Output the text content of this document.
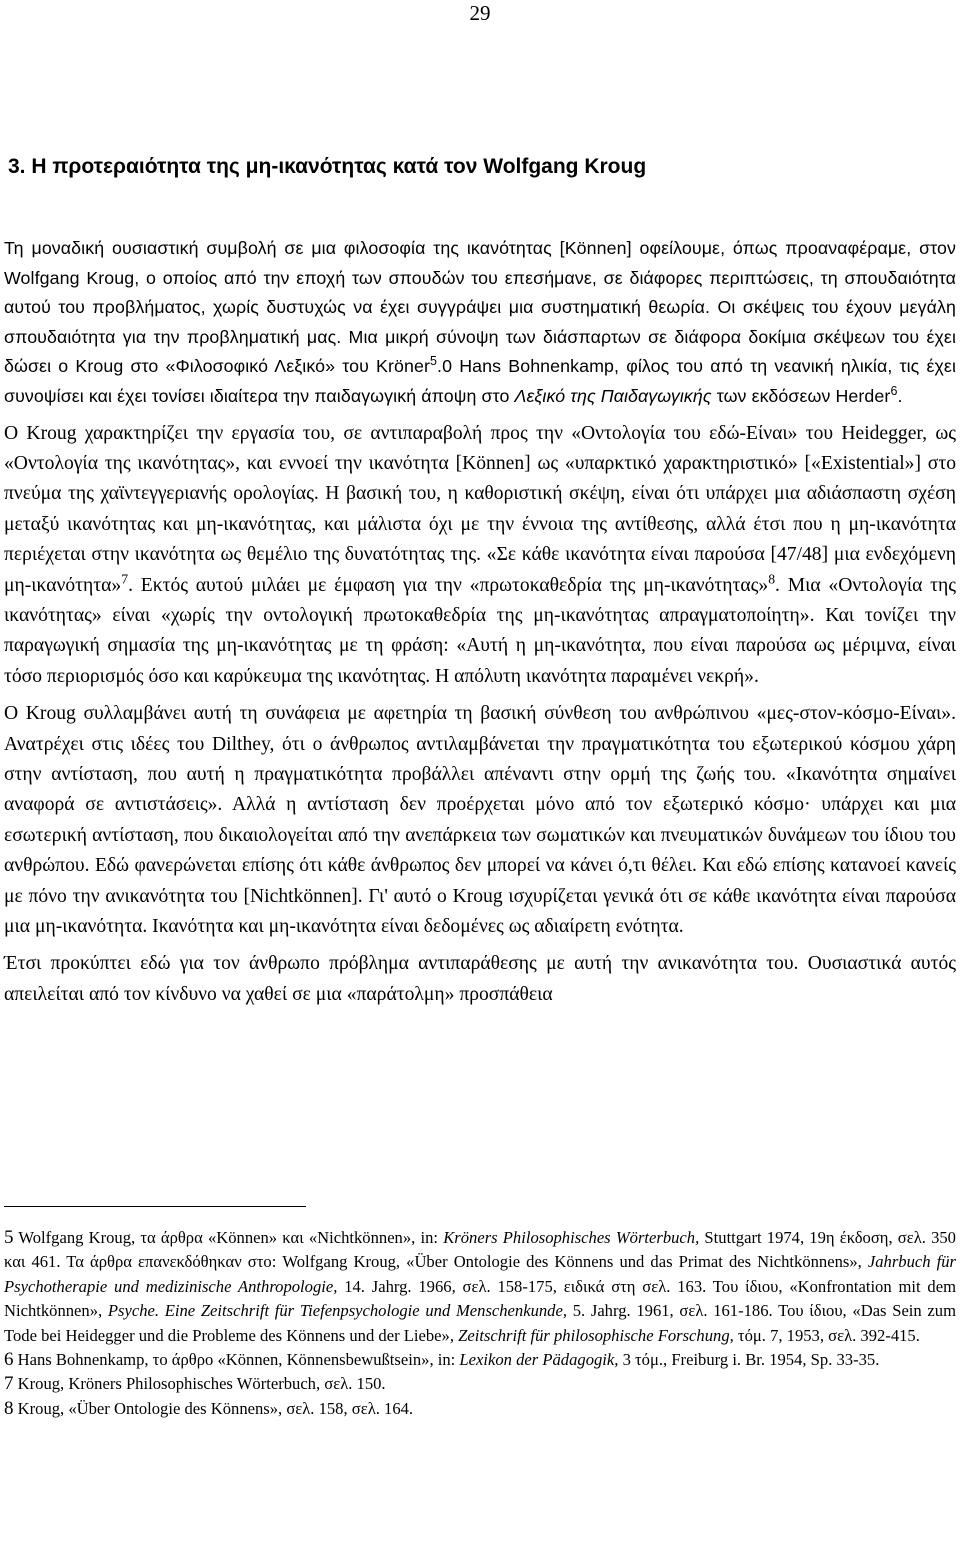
29
3. Η προτεραιότητα της μη-ικανότητας κατά τον Wolfgang Kroug

Τη μοναδική ουσιαστική συμβολή σε μια φιλοσοφία της ικανότητας [Können] οφείλουμε, όπως προαναφέραμε, στον Wolfgang Kroug, ο οποίος από την εποχή των σπουδών του επεσήμανε, σε διάφορες περιπτώσεις, τη σπουδαιότητα αυτού του προβλήματος, χωρίς δυστυχώς να έχει συγγράψει μια συστηματική θεωρία. Οι σκέψεις του έχουν μεγάλη σπουδαιότητα για την προβληματική μας. Μια μικρή σύνοψη των διάσπαρτων σε διάφορα δοκίμια σκέψεων του έχει δώσει ο Kroug στο «Φιλοσοφικό Λεξικό» του Kröner$^5$.0 Hans Bohnenkamp, φίλος του από τη νεανική ηλικία, τις έχει συνοψίσει και έχει τονίσει ιδιαίτερα την παιδαγωγική άποψη στο Λεξικό της Παιδαγωγικής των εκδόσεων Herder$^6$.

Ο Kroug χαρακτηρίζει την εργασία του, σε αντιπαραβολή προς την «Οντολογία του εδώ-Είναι» του Heidegger, ως «Οντολογία της ικανότητας», και εννοεί την ικανότητα [Können] ως «υπαρκτικό χαρακτηριστικό» [«Existential»] στο πνεύμα της χαϊντεγγεριανής ορολογίας. Η βασική του, η καθοριστική σκέψη, είναι ότι υπάρχει μια αδιάσπαστη σχέση μεταξύ ικανότητας και μη-ικανότητας, και μάλιστα όχι με την έννοια της αντίθεσης, αλλά έτσι που η μη-ικανότητα περιέχεται στην ικανότητα ως θεμέλιο της δυνατότητας της. «Σε κάθε ικανότητα είναι παρούσα [47/48] μια ενδεχόμενη μη-ικανότητα»$^7$. Εκτός αυτού μιλάει με έμφαση για την «πρωτοκαθεδρία της μη-ικανότητας»$^8$. Μια «Οντολογία της ικανότητας» είναι «χωρίς την οντολογική πρωτοκαθεδρία της μη-ικανότητας απραγματοποίητη». Και τονίζει την παραγωγική σημασία της μη-ικανότητας με τη φράση: «Αυτή η μη-ικανότητα, που είναι παρούσα ως μέριμνα, είναι τόσο περιορισμός όσο και καρύκευμα της ικανότητας. Η απόλυτη ικανότητα παραμένει νεκρή».

Ο Kroug συλλαμβάνει αυτή τη συνάφεια με αφετηρία τη βασική σύνθεση του ανθρώπινου «μες-στον-κόσμο-Είναι». Ανατρέχει στις ιδέες του Dilthey, ότι ο άνθρωπος αντιλαμβάνεται την πραγματικότητα του εξωτερικού κόσμου χάρη στην αντίσταση, που αυτή η πραγματικότητα προβάλλει απέναντι στην ορμή της ζωής του. «Ικανότητα σημαίνει αναφορά σε αντιστάσεις». Αλλά η αντίσταση δεν προέρχεται μόνο από τον εξωτερικό κόσμο· υπάρχει και μια εσωτερική αντίσταση, που δικαιολογείται από την ανεπάρκεια των σωματικών και πνευματικών δυνάμεων του ίδιου του ανθρώπου. Εδώ φανερώνεται επίσης ότι κάθε άνθρωπος δεν μπορεί να κάνει ό,τι θέλει. Και εδώ επίσης κατανοεί κανείς με πόνο την ανικανότητα του [Nichtkönnen]. Γι' αυτό ο Kroug ισχυρίζεται γενικά ότι σε κάθε ικανότητα είναι παρούσα μια μη-ικανότητα. Ικανότητα και μη-ικανότητα είναι δεδομένες ως αδιαίρετη ενότητα.

Έτσι προκύπτει εδώ για τον άνθρωπο πρόβλημα αντιπαράθεσης με αυτή την ανικανότητα του. Ουσιαστικά αυτός απειλείται από τον κίνδυνο να χαθεί σε μια «παράτολμη» προσπάθεια

5 Wolfgang Kroug, τα άρθρα «Können» και «Nichtkönnen», in: Kröners Philosophisches Wörterbuch, Stuttgart 1974, 19η έκδοση, σελ. 350 και 461. Τα άρθρα επανεκδόθηκαν στο: Wolfgang Kroug, «Über Ontologie des Könnens und das Primat des Nichtkönnens», Jahrbuch für Psychotherapie und medizinische Anthropologie, 14. Jahrg. 1966, σελ. 158-175, ειδικά στη σελ. 163. Του ίδιου, «Konfrontation mit dem Nichtkönnen», Psyche. Eine Zeitschrift für Tiefenpsychologie und Menschenkunde, 5. Jahrg. 1961, σελ. 161-186. Του ίδιου, «Das Sein zum Tode bei Heidegger und die Probleme des Könnens und der Liebe», Zeitschrift für philosophische Forschung, τόμ. 7, 1953, σελ. 392-415.

6 Hans Bohnenkamp, το άρθρο «Können, Könnensbewußtsein», in: Lexikon der Pädagogik, 3 τόμ., Freiburg i. Br. 1954, Sp. 33-35.

7 Kroug, Kröners Philosophisches Wörterbuch, σελ. 150.

8 Kroug, «Über Ontologie des Könnens», σελ. 158, σελ. 164.
